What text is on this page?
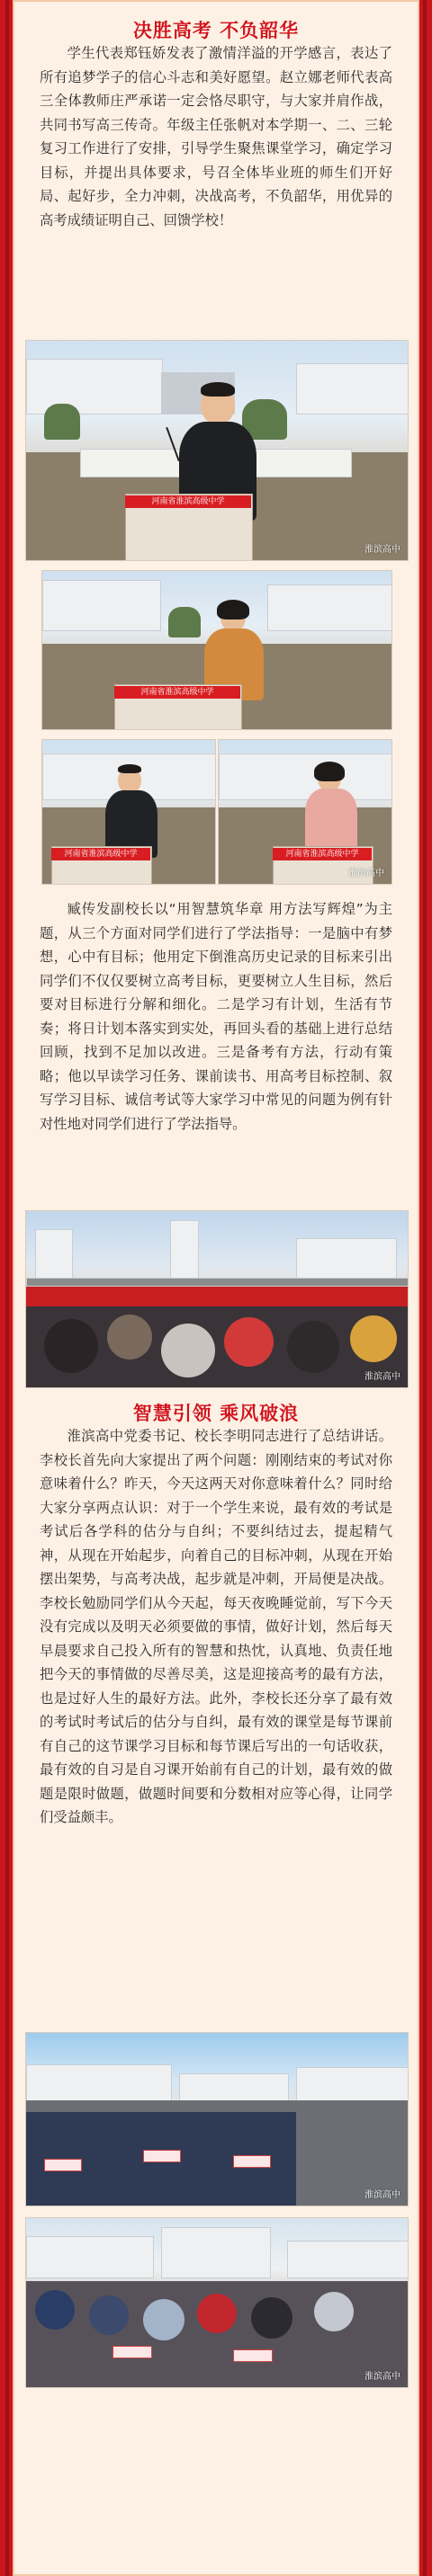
决胜高考 不负韶华

学生代表郑钰娇发表了激情洋溢的开学感言，表达了所有追梦学子的信心斗志和美好愿望。赵立娜老师代表高三全体教师庄严承诺一定会恪尽职守，与大家并肩作战，共同书写高三传奇。年级主任张帆对本学期一、二、三轮复习工作进行了安排，引导学生聚焦课堂学习，确定学习目标，并提出具体要求，号召全体毕业班的师生们开好局、起好步，全力冲刺，决战高考，不负韶华，用优异的高考成绩证明自己、回馈学校！

河南省淮滨高级中学
淮滨高中
河南省淮滨高级中学
河南省淮滨高级中学	河南省淮滨高级中学
淮滨高中

臧传发副校长以“用智慧筑华章 用方法写辉煌”为主题，从三个方面对同学们进行了学法指导：一是脑中有梦想，心中有目标；他用定下倒淮高历史记录的目标来引出同学们不仅仅要树立高考目标，更要树立人生目标，然后要对目标进行分解和细化。二是学习有计划，生活有节奏；将日计划本落实到实处，再回头看的基础上进行总结回顾，找到不足加以改进。三是备考有方法，行动有策略；他以早读学习任务、课前读书、用高考目标控制、叙写学习目标、诚信考试等大家学习中常见的问题为例有针对性地对同学们进行了学法指导。

淮滨高中
智慧引领 乘风破浪

淮滨高中党委书记、校长李明同志进行了总结讲话。李校长首先向大家提出了两个问题：刚刚结束的考试对你意味着什么？昨天，今天这两天对你意味着什么？同时给大家分享两点认识：对于一个学生来说，最有效的考试是考试后各学科的估分与自纠；不要纠结过去，提起精气神，从现在开始起步，向着自己的目标冲刺，从现在开始摆出架势，与高考决战，起步就是冲刺，开局便是决战。李校长勉励同学们从今天起，每天夜晚睡觉前，写下今天没有完成以及明天必须要做的事情，做好计划，然后每天早晨要求自己投入所有的智慧和热忱，认真地、负责任地把今天的事情做的尽善尽美，这是迎接高考的最有方法，也是过好人生的最好方法。此外，李校长还分享了最有效的考试时考试后的估分与自纠，最有效的课堂是每节课前有自己的这节课学习目标和每节课后写出的一句话收获，最有效的自习是自习课开始前有自己的计划，最有效的做题是限时做题，做题时间要和分数相对应等心得，让同学们受益颇丰。

淮滨高中

淮滨高中
